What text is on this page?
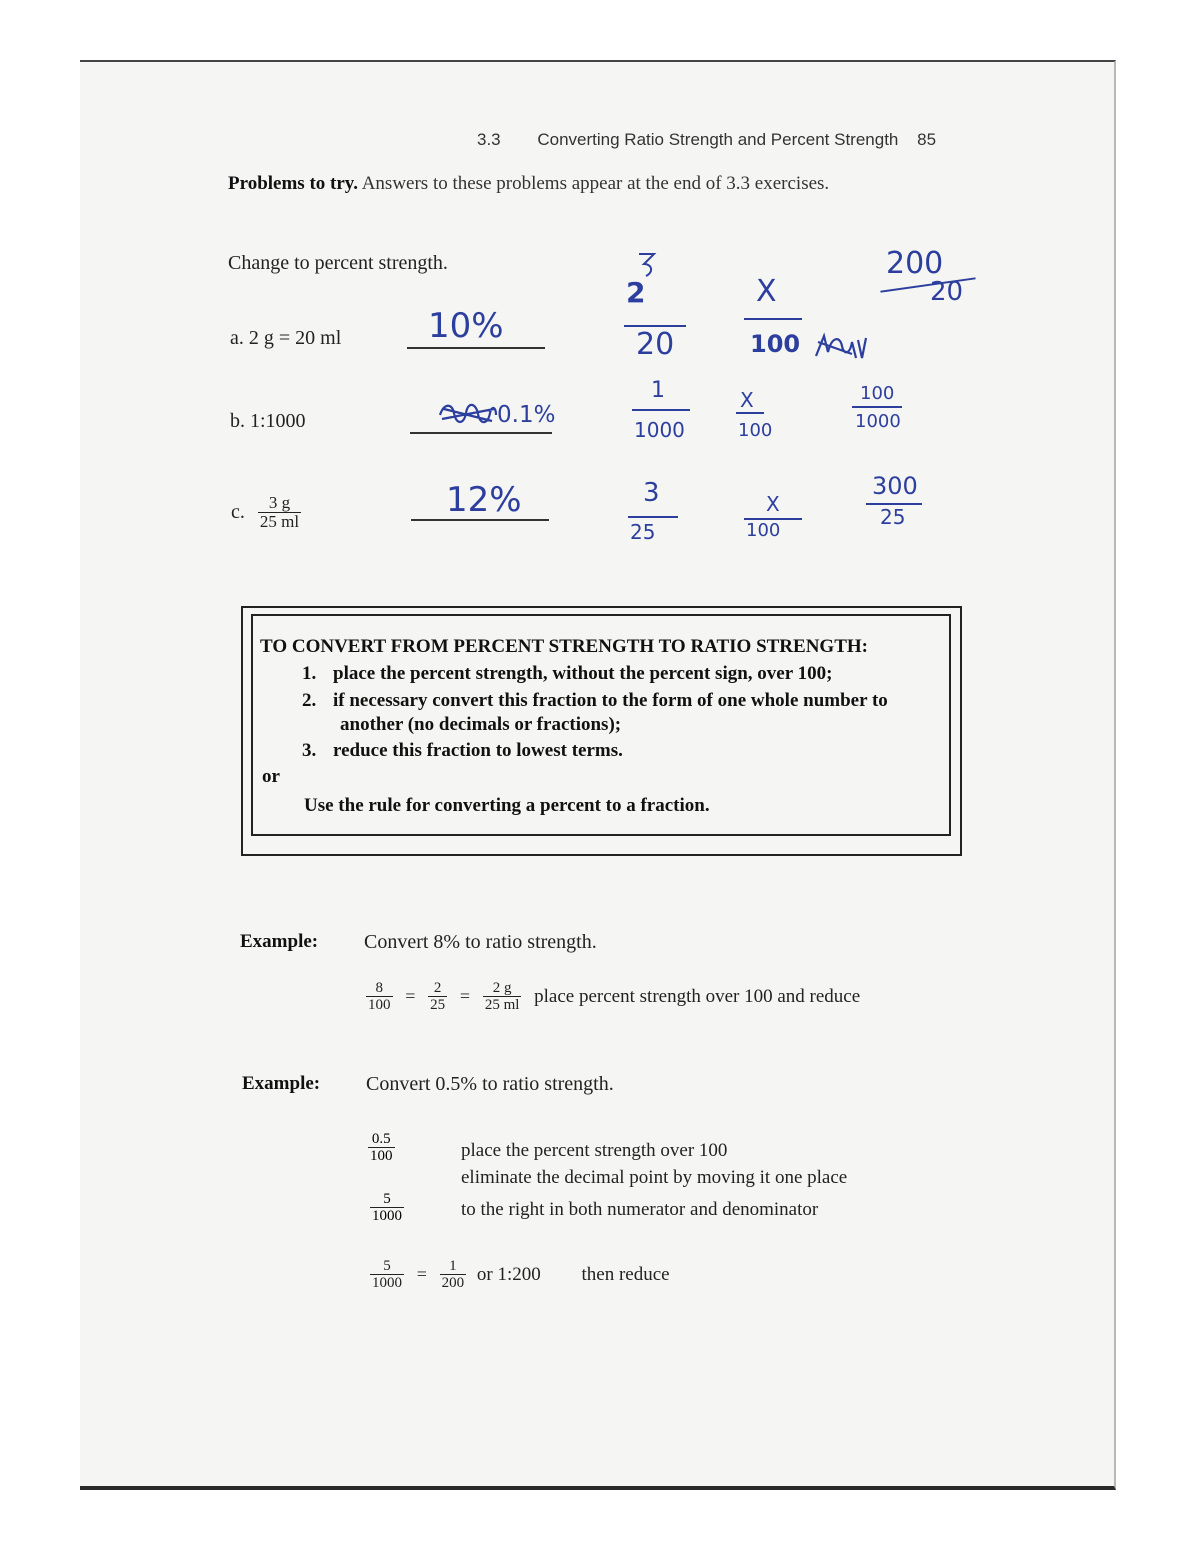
3.3 Converting Ratio Strength and Percent Strength 85
Problems to try. Answers to these problems appear at the end of 3.3 exercises.
Change to percent strength.
a. 2 g = 20 ml	10%
b. 1:1000	0.1%
c. $\frac{3 g}{25 ml}$	12%
2
20
X
100
200
20
1
1000
X
100
100
1000
3
25
X
100
300
25
TO CONVERT FROM PERCENT STRENGTH TO RATIO STRENGTH:
1. place the percent strength, without the percent sign, over 100;
2. if necessary convert this fraction to the form of one whole number to
another (no decimals or fractions);
3. reduce this fraction to lowest terms.
or
Use the rule for converting a percent to a fraction.
Example: Convert 8% to ratio strength.
$\frac{8}{100} = \frac{2}{25} = \frac{2 g}{25 ml}$ place percent strength over 100 and reduce
Example: Convert 0.5% to ratio strength.
$\frac{0.5}{100}$	place the percent strength over 100
eliminate the decimal point by moving it one place
$\frac{5}{1000}$	to the right in both numerator and denominator
$\frac{5}{1000} = \frac{1}{200}$ or 1:200 then reduce
